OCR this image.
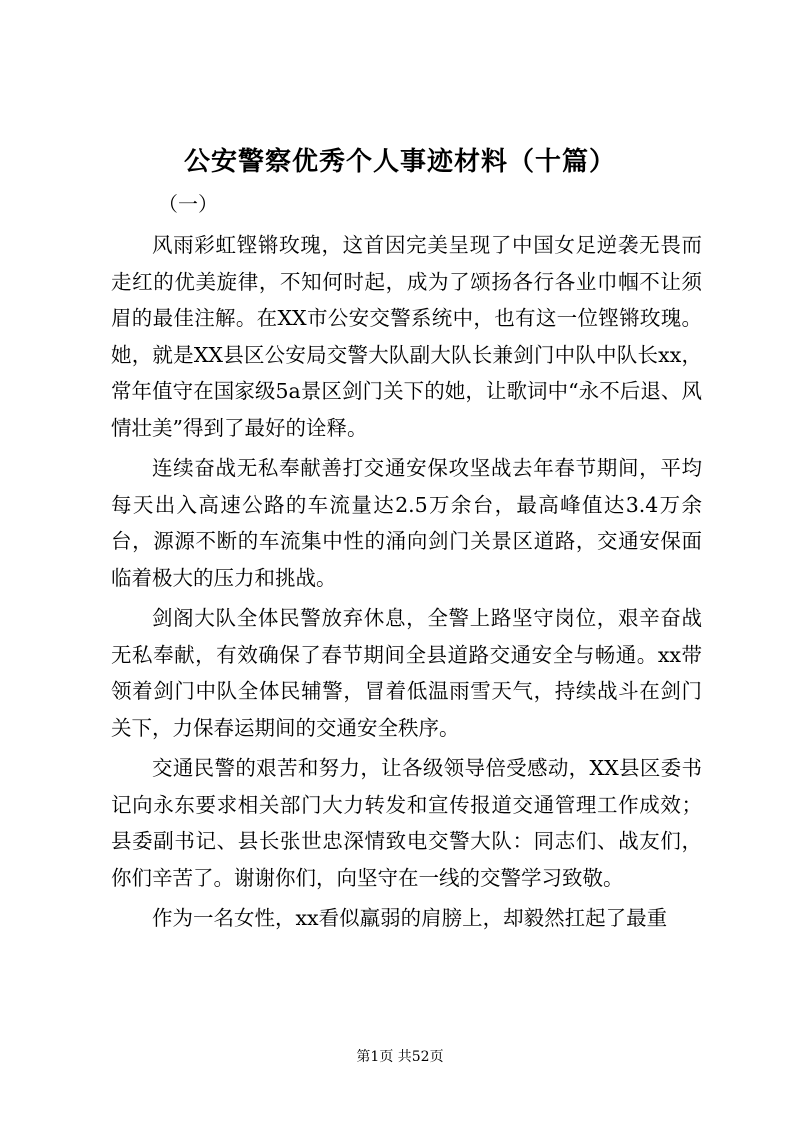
公安警察优秀个人事迹材料（十篇）
（一）

风雨彩虹铿锵玫瑰，这首因完美呈现了中国女足逆袭无畏而走红的优美旋律，不知何时起，成为了颂扬各行各业巾帼不让须眉的最佳注解。在XX市公安交警系统中，也有这一位铿锵玫瑰。她，就是XX县区公安局交警大队副大队长兼剑门中队中队长xx，常年值守在国家级5a景区剑门关下的她，让歌词中“永不后退、风情壮美”得到了最好的诠释。

连续奋战无私奉献善打交通安保攻坚战去年春节期间，平均每天出入高速公路的车流量达2.5万余台，最高峰值达3.4万余台，源源不断的车流集中性的涌向剑门关景区道路，交通安保面临着极大的压力和挑战。

剑阁大队全体民警放弃休息，全警上路坚守岗位，艰辛奋战无私奉献，有效确保了春节期间全县道路交通安全与畅通。xx带领着剑门中队全体民辅警，冒着低温雨雪天气，持续战斗在剑门关下，力保春运期间的交通安全秩序。

交通民警的艰苦和努力，让各级领导倍受感动，XX县区委书记向永东要求相关部门大力转发和宣传报道交通管理工作成效；县委副书记、县长张世忠深情致电交警大队：同志们、战友们，你们辛苦了。谢谢你们，向坚守在一线的交警学习致敬。

作为一名女性，xx看似羸弱的肩膀上，却毅然扛起了最重

第1页 共52页
